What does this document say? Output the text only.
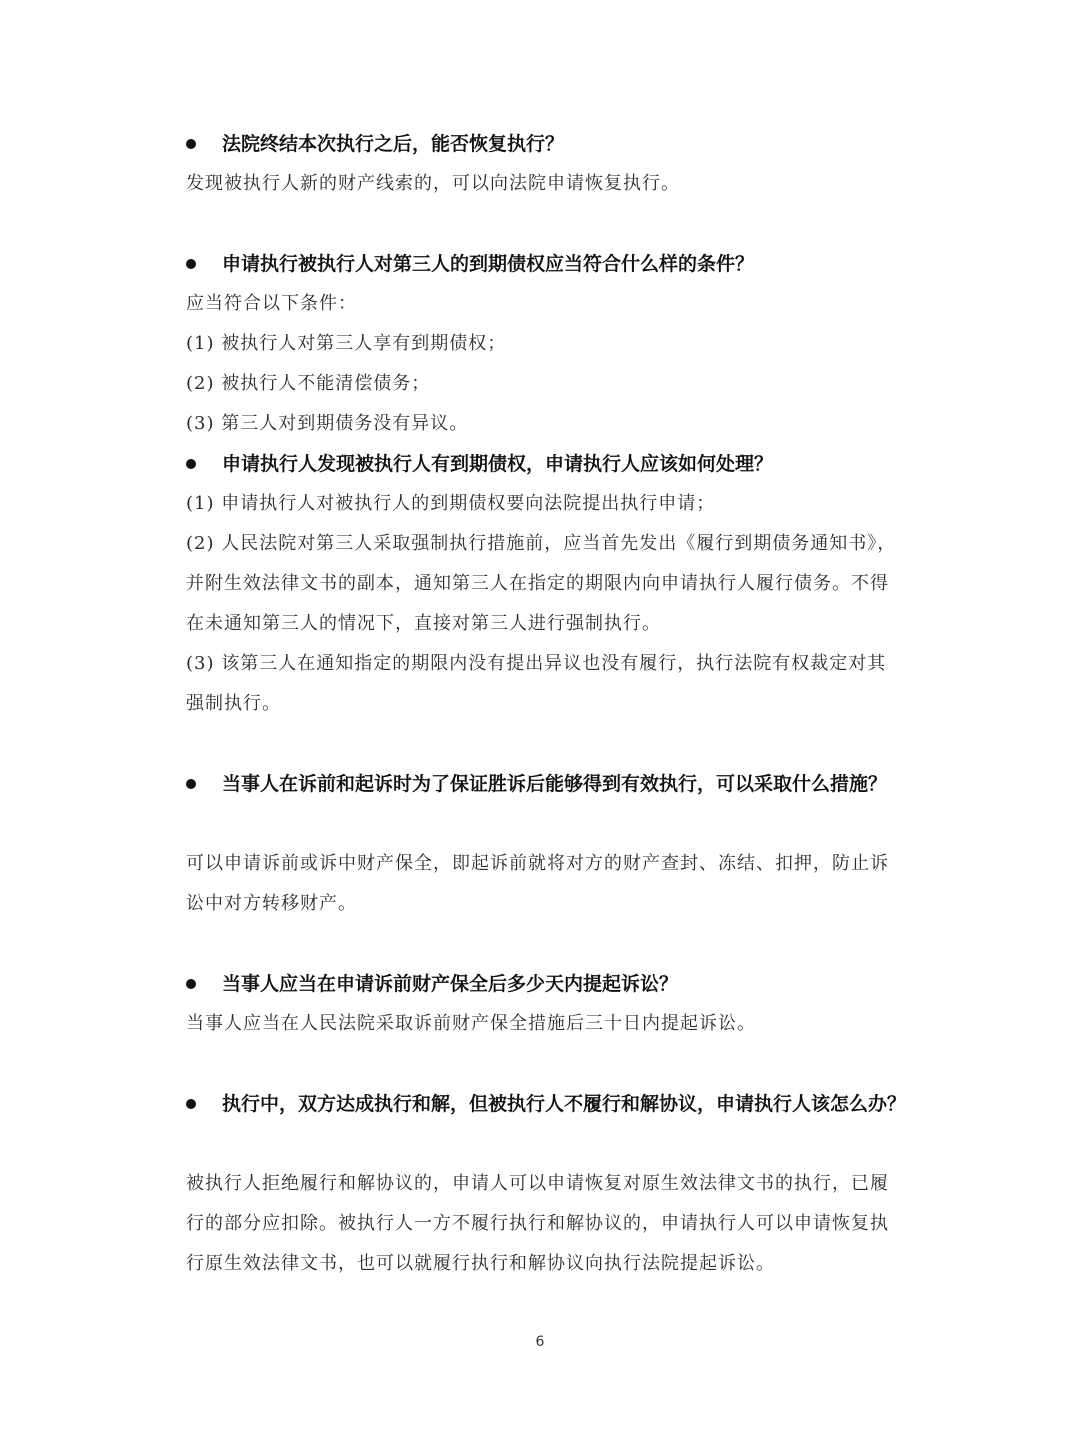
法院终结本次执行之后，能否恢复执行？

发现被执行人新的财产线索的，可以向法院申请恢复执行。

申请执行被执行人对第三人的到期债权应当符合什么样的条件？

应当符合以下条件：

(1) 被执行人对第三人享有到期债权；

(2) 被执行人不能清偿债务；

(3) 第三人对到期债务没有异议。

申请执行人发现被执行人有到期债权，申请执行人应该如何处理？

(1) 申请执行人对被执行人的到期债权要向法院提出执行申请；

(2) 人民法院对第三人采取强制执行措施前，应当首先发出《履行到期债务通知书》，并附生效法律文书的副本，通知第三人在指定的期限内向申请执行人履行债务。不得在未通知第三人的情况下，直接对第三人进行强制执行。

(3) 该第三人在通知指定的期限内没有提出异议也没有履行，执行法院有权裁定对其强制执行。

当事人在诉前和起诉时为了保证胜诉后能够得到有效执行，可以采取什么措施？

可以申请诉前或诉中财产保全，即起诉前就将对方的财产查封、冻结、扣押，防止诉讼中对方转移财产。

当事人应当在申请诉前财产保全后多少天内提起诉讼？

当事人应当在人民法院采取诉前财产保全措施后三十日内提起诉讼。

执行中，双方达成执行和解，但被执行人不履行和解协议，申请执行人该怎么办？

被执行人拒绝履行和解协议的，申请人可以申请恢复对原生效法律文书的执行，已履行的部分应扣除。被执行人一方不履行执行和解协议的，申请执行人可以申请恢复执行原生效法律文书，也可以就履行执行和解协议向执行法院提起诉讼。

6
